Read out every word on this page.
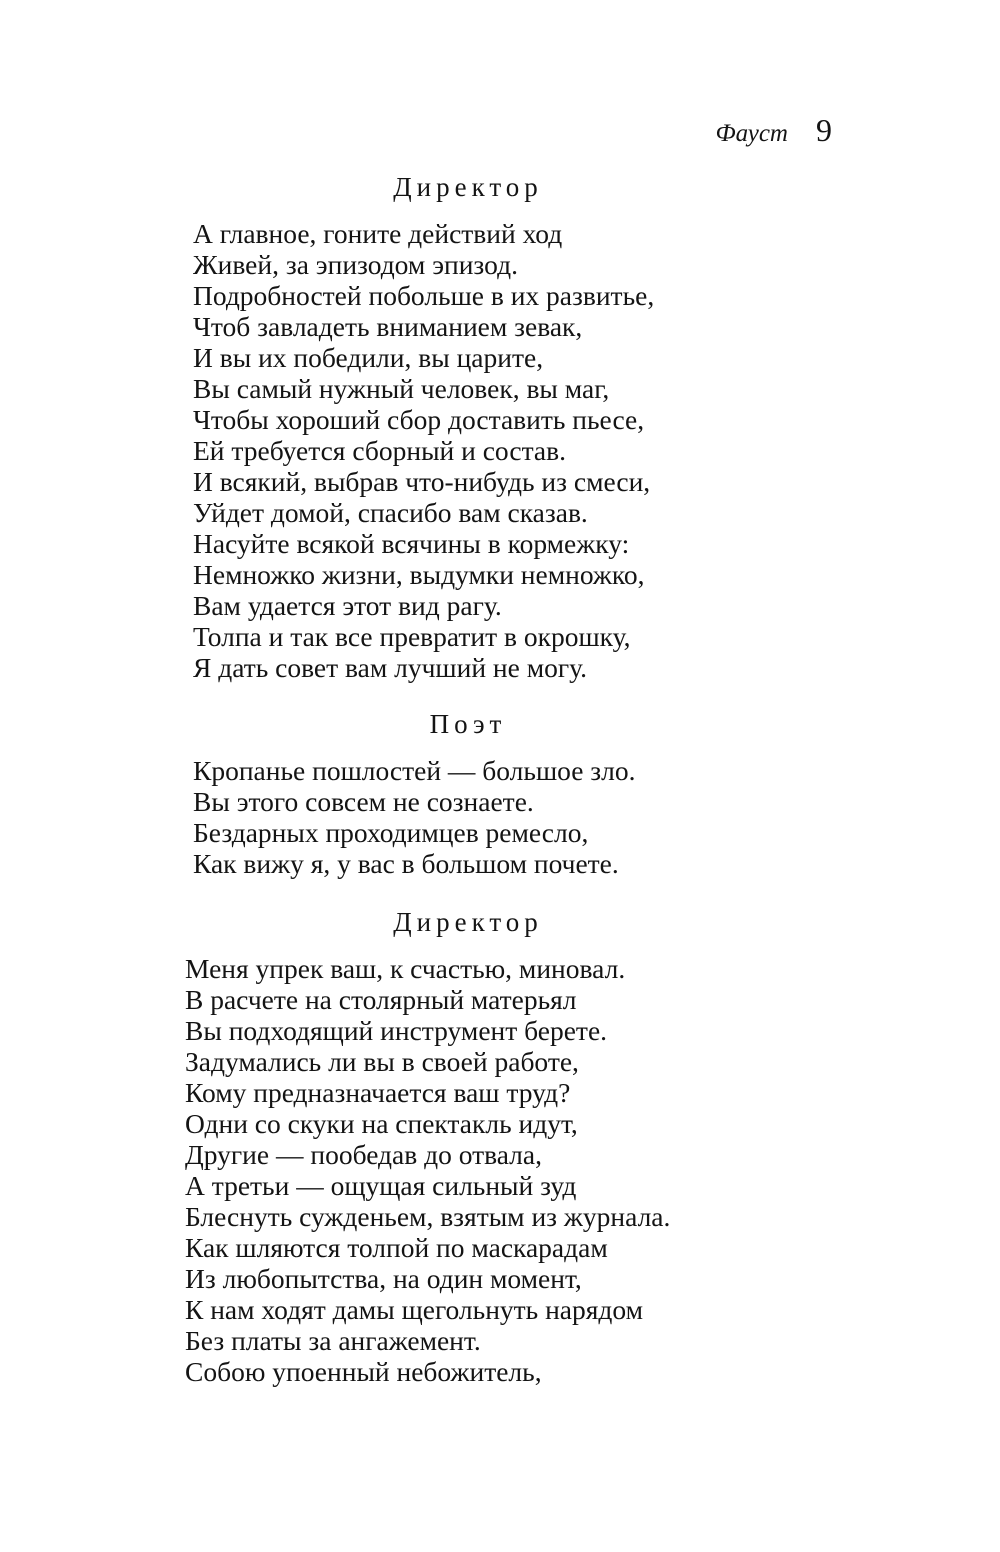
Фауст 9
Директор
А главное, гоните действий ход
Живей, за эпизодом эпизод.
Подробностей побольше в их развитье,
Чтоб завладеть вниманием зевак,
И вы их победили, вы царите,
Вы самый нужный человек, вы маг,
Чтобы хороший сбор доставить пьесе,
Ей требуется сборный и состав.
И всякий, выбрав что-нибудь из смеси,
Уйдет домой, спасибо вам сказав.
Насуйте всякой всячины в кормежку:
Немножко жизни, выдумки немножко,
Вам удается этот вид рагу.
Толпа и так все превратит в окрошку,
Я дать совет вам лучший не могу.
Поэт
Кропанье пошлостей — большое зло.
Вы этого совсем не сознаете.
Бездарных проходимцев ремесло,
Как вижу я, у вас в большом почете.
Директор
Меня упрек ваш, к счастью, миновал.
В расчете на столярный матерьял
Вы подходящий инструмент берете.
Задумались ли вы в своей работе,
Кому предназначается ваш труд?
Одни со скуки на спектакль идут,
Другие — пообедав до отвала,
А третьи — ощущая сильный зуд
Блеснуть сужденьем, взятым из журнала.
Как шляются толпой по маскарадам
Из любопытства, на один момент,
К нам ходят дамы щегольнуть нарядом
Без платы за ангажемент.
Собою упоенный небожитель,
